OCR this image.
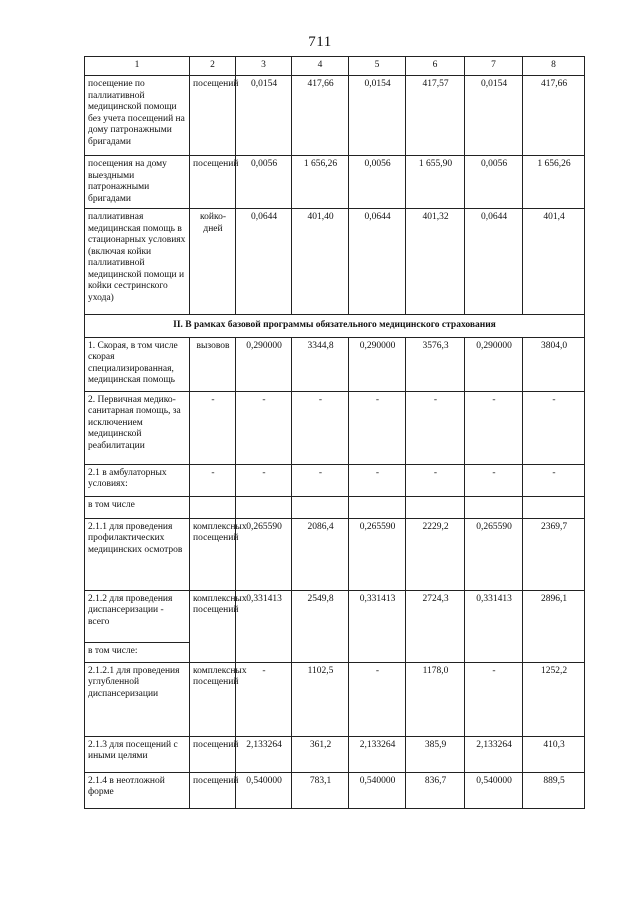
711
1	2	3	4	5	6	7	8
посещение по паллиативной медицинской помощи без учета посещений на дому патронажными бригадами	посещений	0,0154	417,66	0,0154	417,57	0,0154	417,66
посещения на дому выездными патронажными бригадами	посещений	0,0056	1 656,26	0,0056	1 655,90	0,0056	1 656,26
паллиативная медицинская помощь в стационарных условиях (включая койки паллиативной медицинской помощи и койки сестринского ухода)	койко-дней	0,0644	401,40	0,0644	401,32	0,0644	401,4
II. В рамках базовой программы обязательного медицинского страхования							
1. Скорая, в том числе скорая специализированная, медицинская помощь	вызовов	0,290000	3344,8	0,290000	3576,3	0,290000	3804,0
2. Первичная медико-санитарная помощь, за исключением медицинской реабилитации	-	-	-	-	-	-	-
2.1 в амбулаторных условиях:	-	-	-	-	-	-	-
в том числе							
2.1.1 для проведения профилактических медицинских осмотров	комплексных посещений	0,265590	2086,4	0,265590	2229,2	0,265590	2369,7
2.1.2 для проведения диспансеризации - всего	комплексных посещений	0,331413	2549,8	0,331413	2724,3	0,331413	2896,1
в том числе:							
2.1.2.1 для проведения углубленной диспансеризации	комплексных посещений	-	1102,5	-	1178,0	-	1252,2
2.1.3 для посещений с иными целями	посещений	2,133264	361,2	2,133264	385,9	2,133264	410,3
2.1.4 в неотложной форме	посещений	0,540000	783,1	0,540000	836,7	0,540000	889,5
